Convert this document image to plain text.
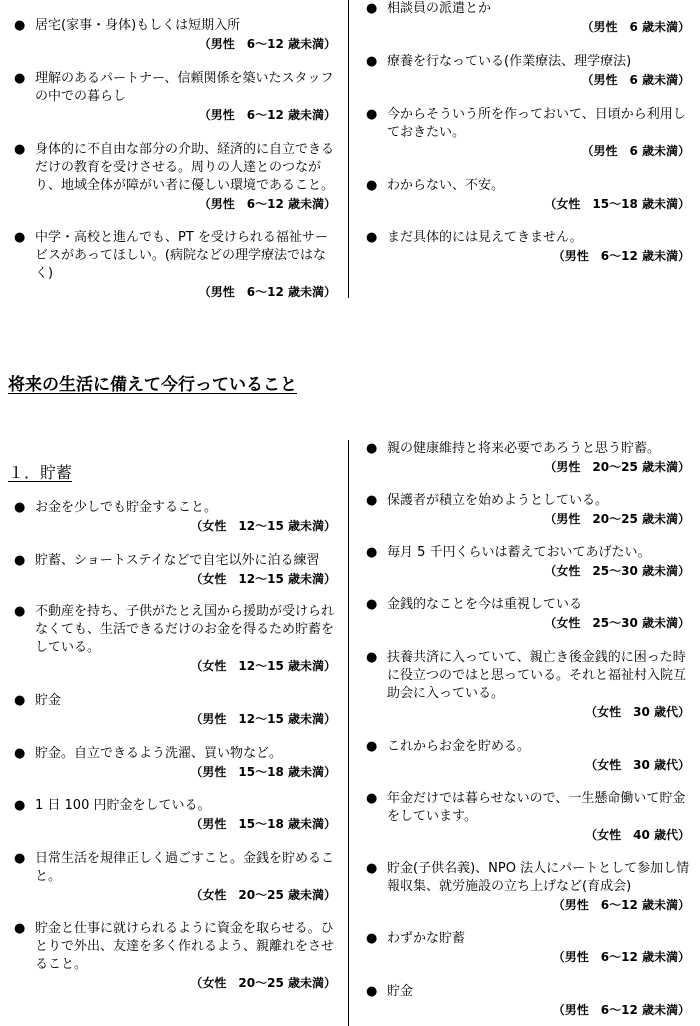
将来の生活に備えて今行っていること
１．貯蓄
● 居宅(家事・身体)もしくは短期入所
（男性　6～12 歳未満）
● 理解のあるパートナー、信頼関係を築いたスタッフの中での暮らし
（男性　6～12 歳未満）
● 身体的に不自由な部分の介助、経済的に自立できるだけの教育を受けさせる。周りの人達とのつながり、地域全体が障がい者に優しい環境であること。
（男性　6～12 歳未満）
● 中学・高校と進んでも、PT を受けられる福祉サービスがあってほしい。(病院などの理学療法ではなく)
（男性　6～12 歳未満）
● 相談員の派遣とか
（男性　6 歳未満）
● 療養を行なっている(作業療法、理学療法)
（男性　6 歳未満）
● 今からそういう所を作っておいて、日頃から利用しておきたい。
（男性　6 歳未満）
● わからない、不安。
（女性　15～18 歳未満）
● まだ具体的には見えてきません。
（男性　6～12 歳未満）
● お金を少しでも貯金すること。
（女性　12～15 歳未満）
● 貯蓄、ショートステイなどで自宅以外に泊る練習
（女性　12～15 歳未満）
● 不動産を持ち、子供がたとえ国から援助が受けられなくても、生活できるだけのお金を得るため貯蓄をしている。
（女性　12～15 歳未満）
● 貯金
（男性　12～15 歳未満）
● 貯金。自立できるよう洗濯、買い物など。
（男性　15～18 歳未満）
● 1 日 100 円貯金をしている。
（男性　15～18 歳未満）
● 日常生活を規律正しく過ごすこと。金銭を貯めること。
（女性　20～25 歳未満）
● 貯金と仕事に就けられるように資金を取らせる。ひとりで外出、友達を多く作れるよう、親離れをさせること。
（女性　20～25 歳未満）
● 親の健康維持と将来必要であろうと思う貯蓄。
（男性　20～25 歳未満）
● 保護者が積立を始めようとしている。
（男性　20～25 歳未満）
● 毎月 5 千円くらいは蓄えておいてあげたい。
（女性　25～30 歳未満）
● 金銭的なことを今は重視している
（女性　25～30 歳未満）
● 扶養共済に入っていて、親亡き後金銭的に困った時に役立つのではと思っている。それと福祉村入院互助会に入っている。
（女性　30 歳代）
● これからお金を貯める。
（女性　30 歳代）
● 年金だけでは暮らせないので、一生懸命働いて貯金をしています。
（女性　40 歳代）
● 貯金(子供名義)、NPO 法人にパートとして参加し情報収集、就労施設の立ち上げなど(育成会)
（男性　6～12 歳未満）
● わずかな貯蓄
（男性　6～12 歳未満）
● 貯金
（男性　6～12 歳未満）
